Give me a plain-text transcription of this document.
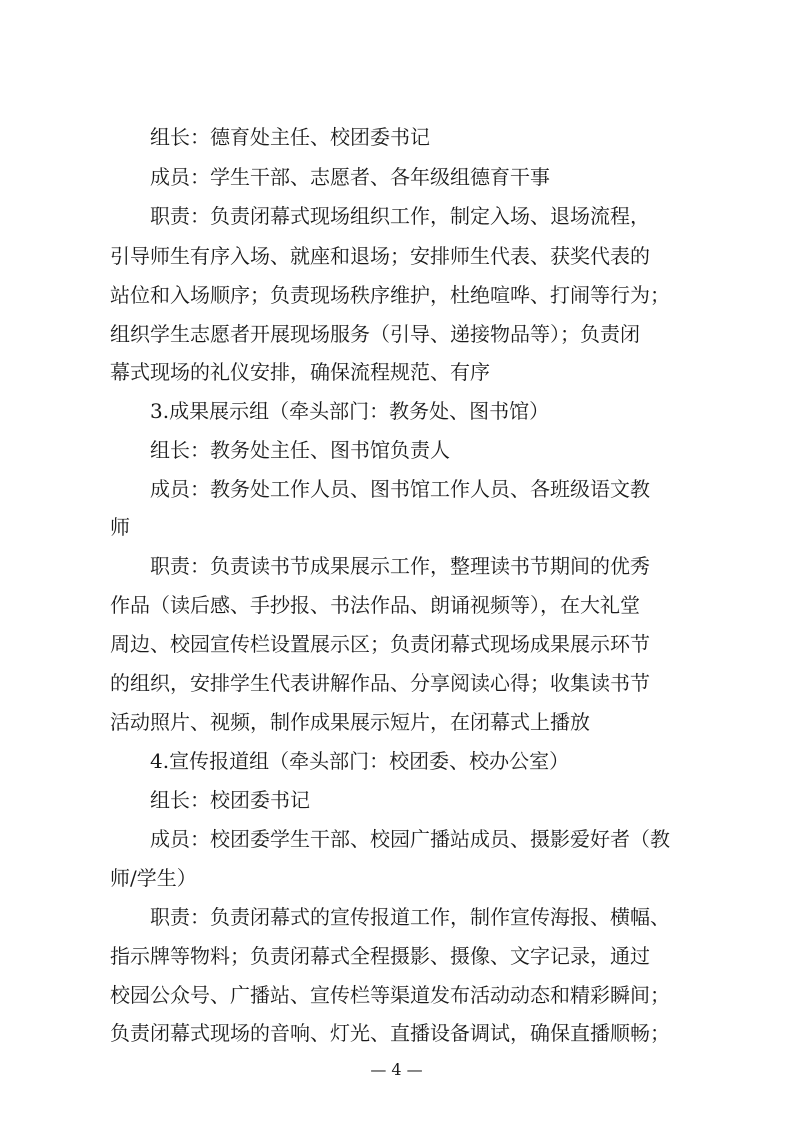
组长：德育处主任、校团委书记
成员：学生干部、志愿者、各年级组德育干事
职责：负责闭幕式现场组织工作，制定入场、退场流程，
引导师生有序入场、就座和退场；安排师生代表、获奖代表的
站位和入场顺序；负责现场秩序维护，杜绝喧哗、打闹等行为；
组织学生志愿者开展现场服务（引导、递接物品等）；负责闭
幕式现场的礼仪安排，确保流程规范、有序
3.成果展示组（牵头部门：教务处、图书馆）
组长：教务处主任、图书馆负责人
成员：教务处工作人员、图书馆工作人员、各班级语文教
师
职责：负责读书节成果展示工作，整理读书节期间的优秀
作品（读后感、手抄报、书法作品、朗诵视频等），在大礼堂
周边、校园宣传栏设置展示区；负责闭幕式现场成果展示环节
的组织，安排学生代表讲解作品、分享阅读心得；收集读书节
活动照片、视频，制作成果展示短片，在闭幕式上播放
4.宣传报道组（牵头部门：校团委、校办公室）
组长：校团委书记
成员：校团委学生干部、校园广播站成员、摄影爱好者（教
师/学生）
职责：负责闭幕式的宣传报道工作，制作宣传海报、横幅、
指示牌等物料；负责闭幕式全程摄影、摄像、文字记录，通过
校园公众号、广播站、宣传栏等渠道发布活动动态和精彩瞬间；
负责闭幕式现场的音响、灯光、直播设备调试，确保直播顺畅；
— 4 —
